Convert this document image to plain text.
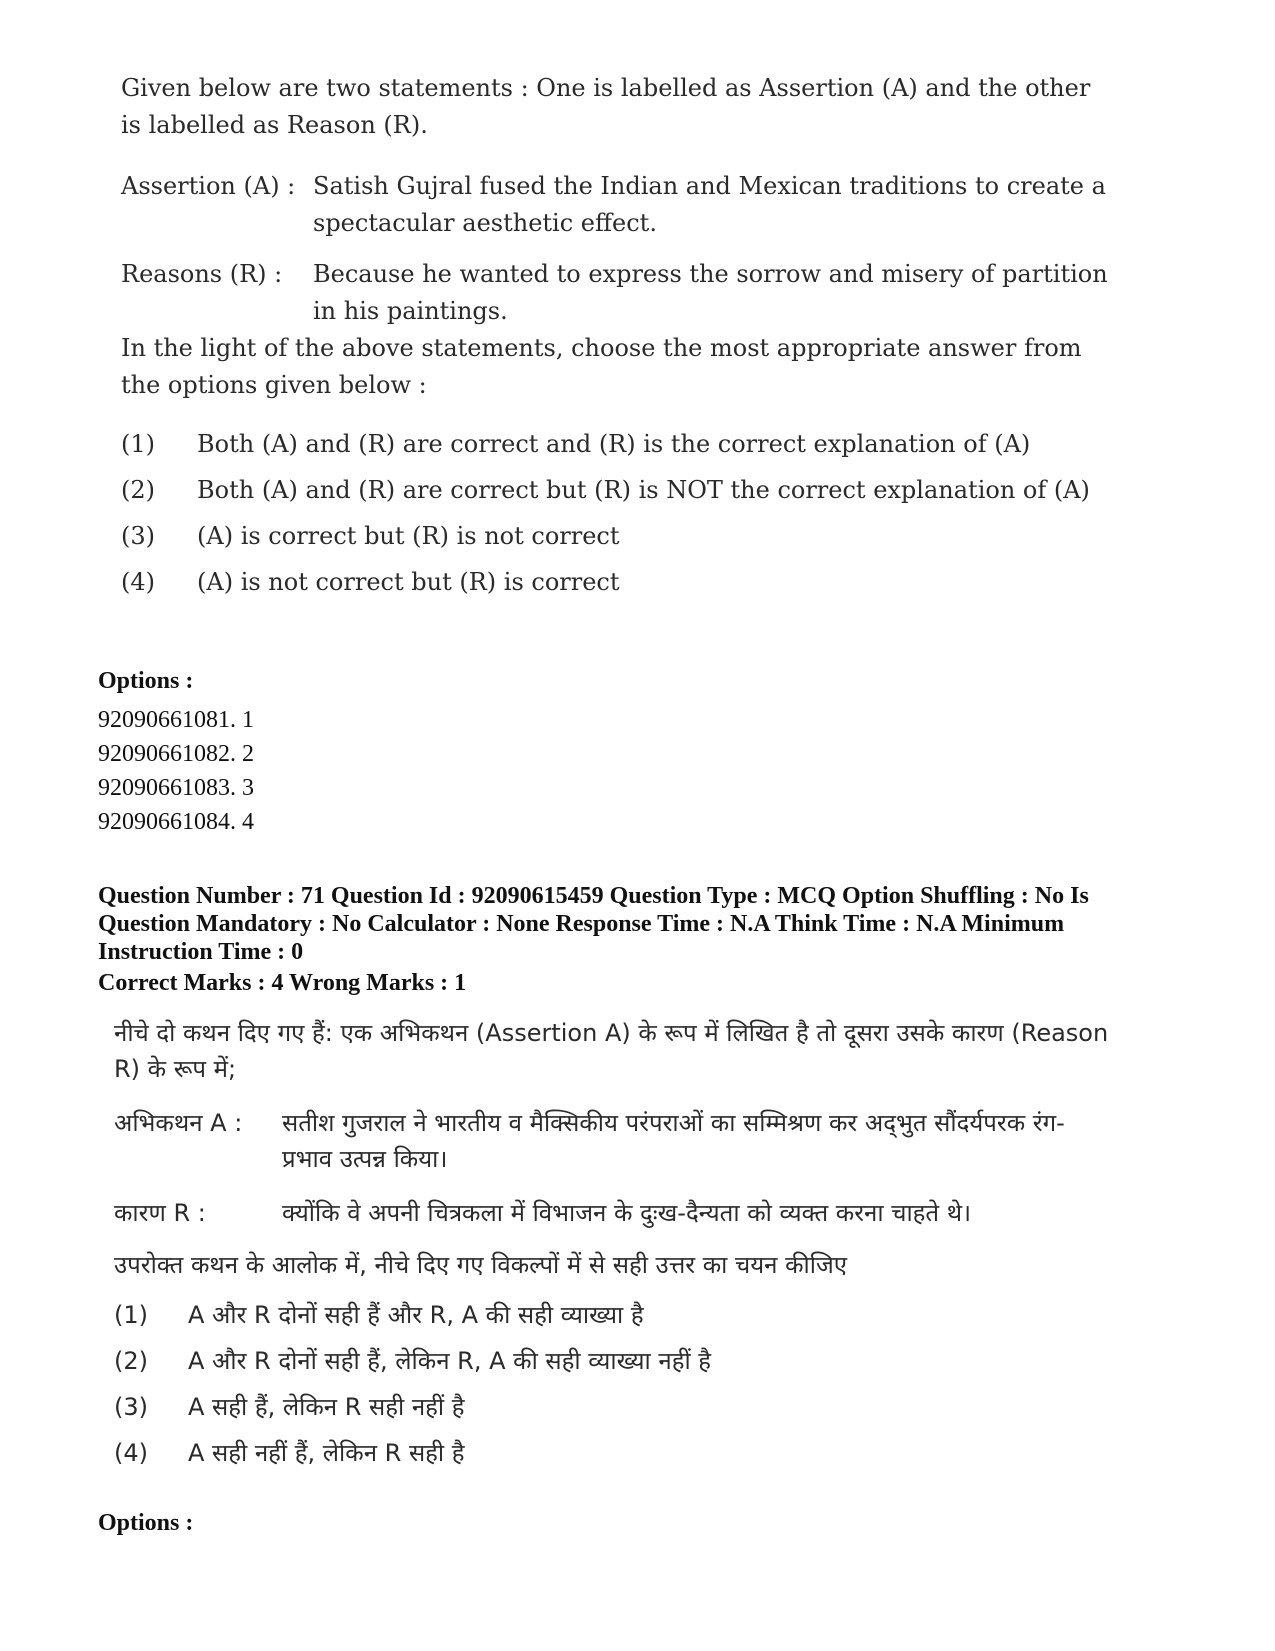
Given below are two statements : One is labelled as Assertion (A) and the other is labelled as Reason (R).

Assertion (A) : Satish Gujral fused the Indian and Mexican traditions to create a spectacular aesthetic effect.
Reasons (R) :	Because he wanted to express the sorrow and misery of partition in his paintings.

In the light of the above statements, choose the most appropriate answer from the options given below :

(1)	Both (A) and (R) are correct and (R) is the correct explanation of (A)
(2)	Both (A) and (R) are correct but (R) is NOT the correct explanation of (A)
(3)	(A) is correct but (R) is not correct
(4)	(A) is not correct but (R) is correct

Options :

92090661081. 1
92090661082. 2
92090661083. 3
92090661084. 4
Question Number : 71 Question Id : 92090615459 Question Type : MCQ Option Shuffling : No Is
Question Mandatory : No Calculator : None Response Time : N.A Think Time : N.A Minimum
Instruction Time : 0

Correct Marks : 4 Wrong Marks : 1

नीचे दो कथन दिए गए हैं: एक अभिकथन (Assertion A) के रूप में लिखित है तो दूसरा उसके कारण (Reason R) के रूप में;

अभिकथन A :	सतीश गुजराल ने भारतीय व मैक्सिकीय परंपराओं का सम्मिश्रण कर अद्‌भुत सौंदर्यपरक रंग-प्रभाव उत्पन्न किया।
कारण R :	क्योंकि वे अपनी चित्रकला में विभाजन के दुःख-दैन्यता को व्यक्त करना चाहते थे।

उपरोक्त कथन के आलोक में, नीचे दिए गए विकल्पों में से सही उत्तर का चयन कीजिए

(1)	A और R दोनों सही हैं और R, A की सही व्याख्या है
(2)	A और R दोनों सही हैं, लेकिन R, A की सही व्याख्या नहीं है
(3)	A सही हैं, लेकिन R सही नहीं है
(4)	A सही नहीं हैं, लेकिन R सही है

Options :
